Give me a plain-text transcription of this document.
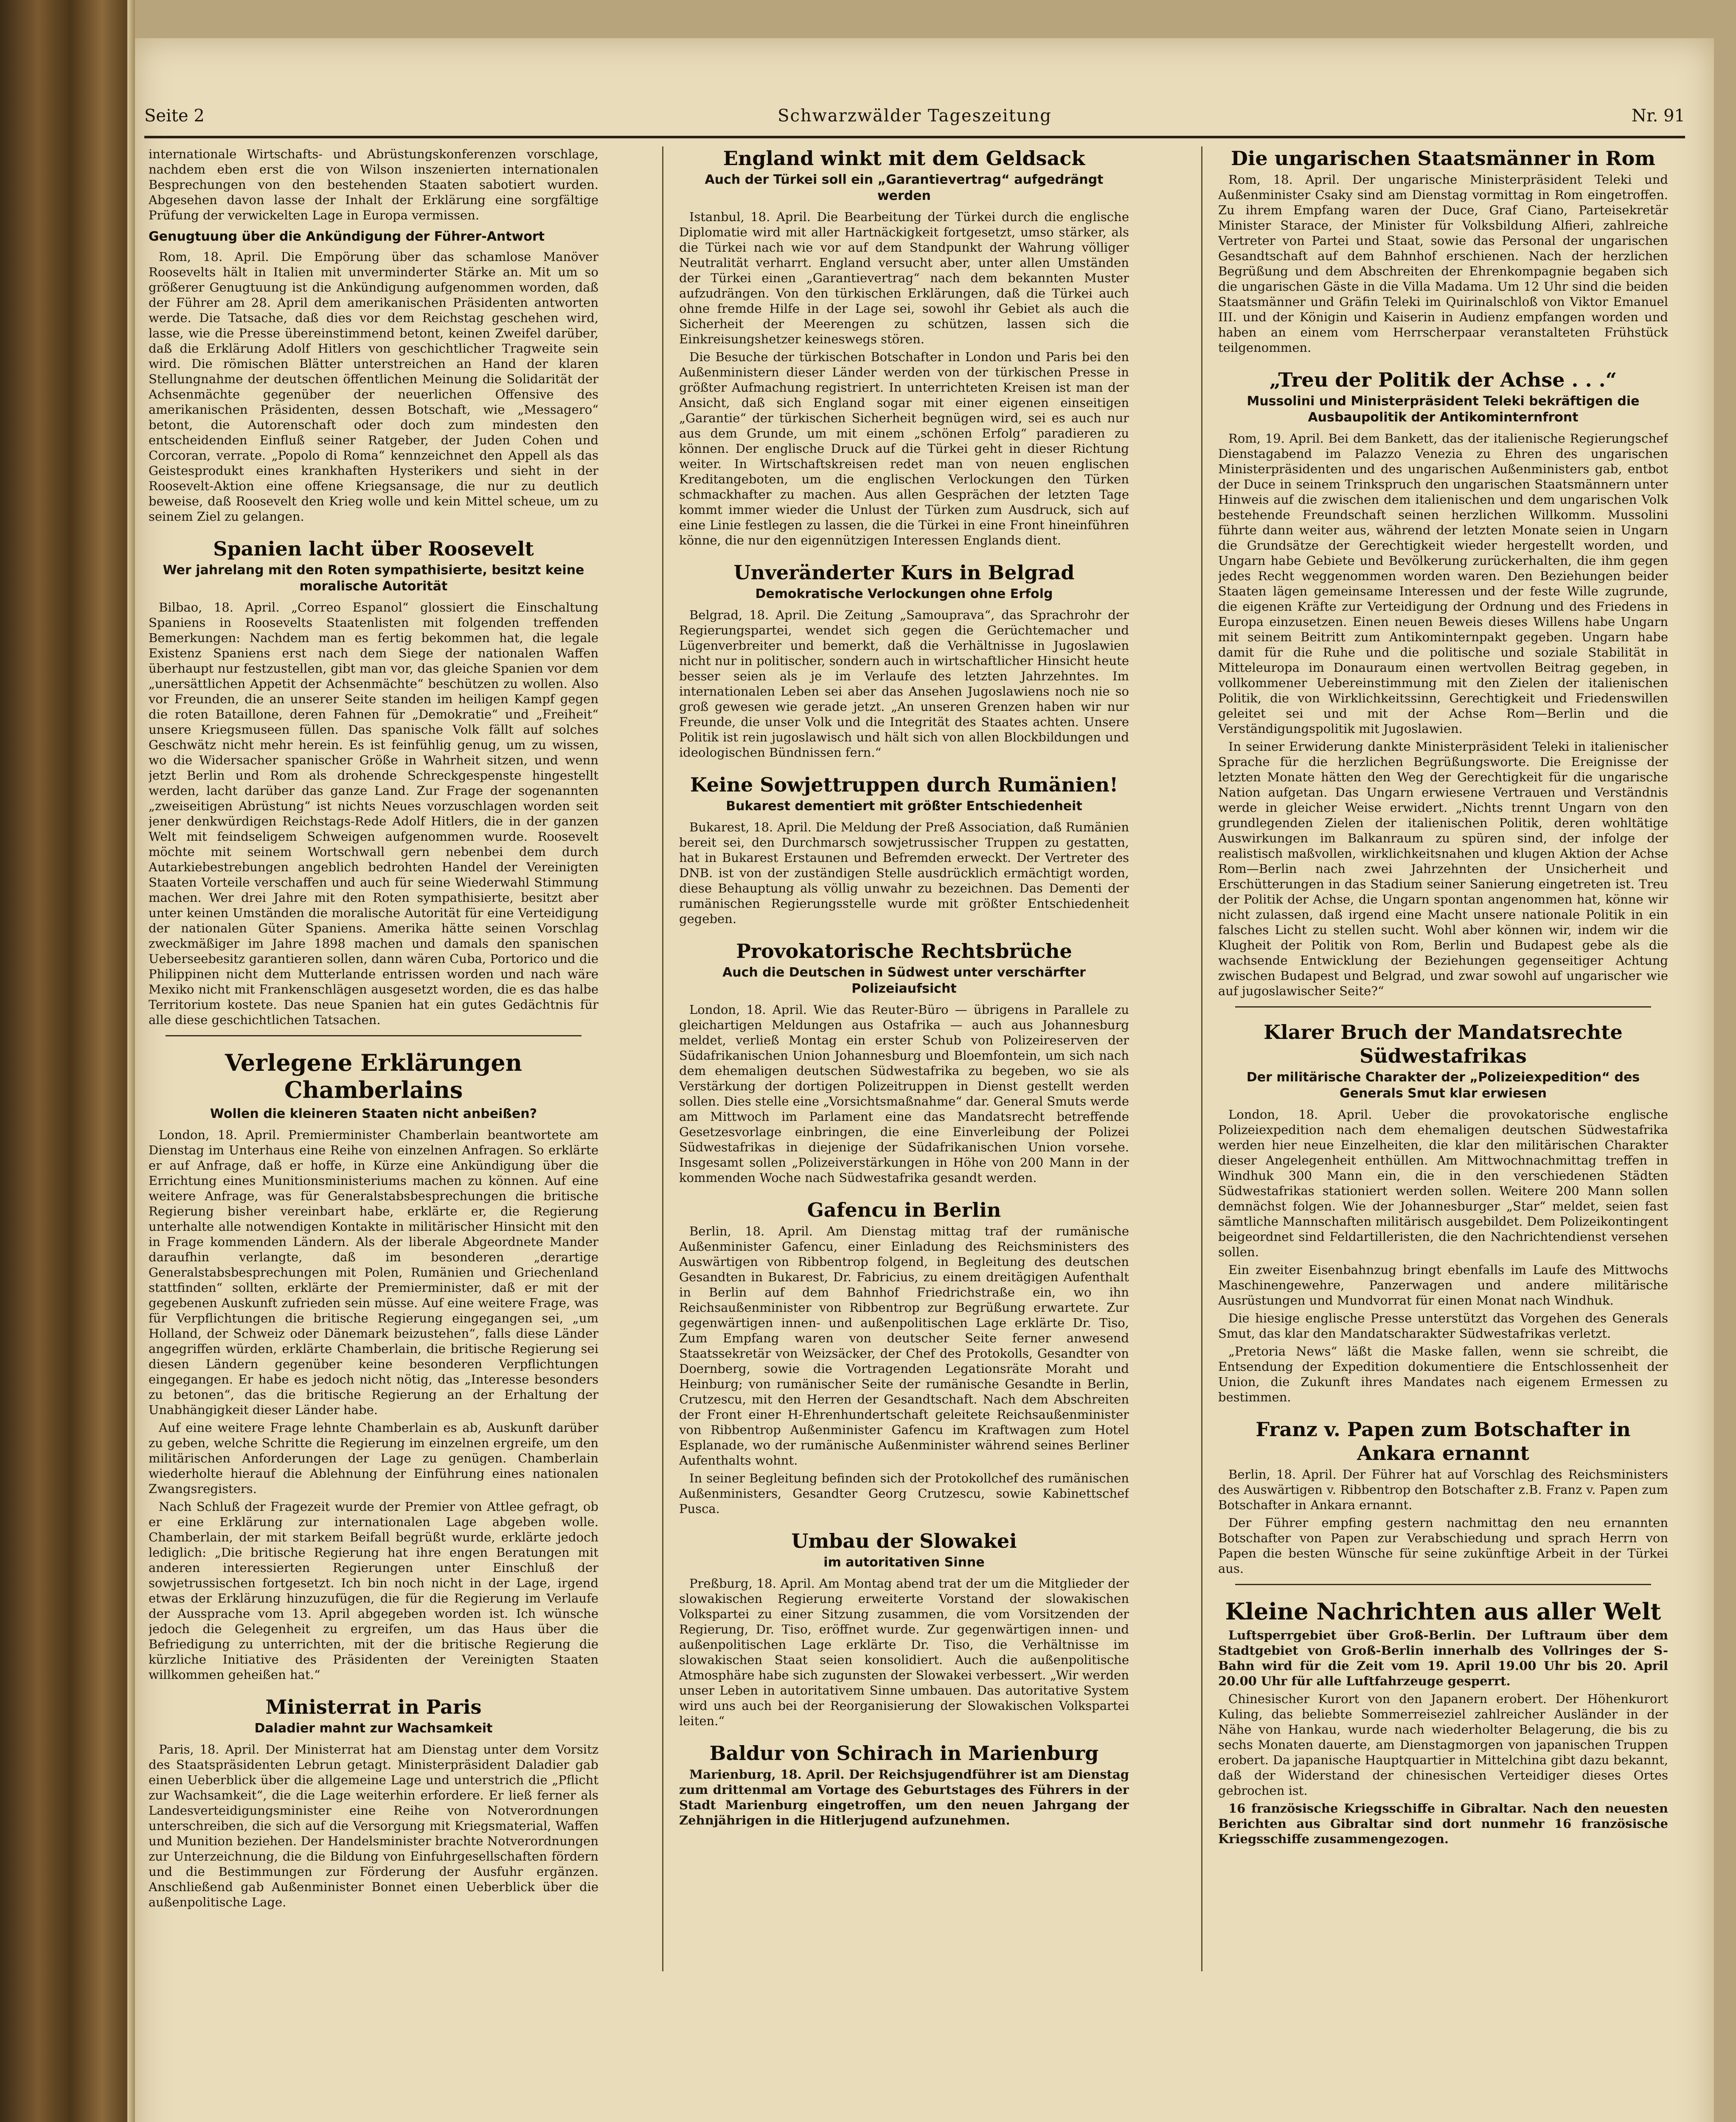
Seite 2	Schwarzwälder Tageszeitung	Nr. 91

internationale Wirtschafts- und Abrüstungskonferenzen vorschlage, nachdem eben erst die von Wilson inszenierten internationalen Besprechungen von den bestehenden Staaten sabotiert wurden. Abgesehen davon lasse der Inhalt der Erklärung eine sorgfältige Prüfung der verwickelten Lage in Europa vermissen.

Genugtuung über die Ankündigung der Führer-Antwort

Rom, 18. April. Die Empörung über das schamlose Manöver Roosevelts hält in Italien mit unverminderter Stärke an. Mit um so größerer Genugtuung ist die Ankündigung aufgenommen worden, daß der Führer am 28. April dem amerikanischen Präsidenten antworten werde. Die Tatsache, daß dies vor dem Reichstag geschehen wird, lasse, wie die Presse übereinstimmend betont, keinen Zweifel darüber, daß die Erklärung Adolf Hitlers von geschichtlicher Tragweite sein wird. Die römischen Blätter unterstreichen an Hand der klaren Stellungnahme der deutschen öffentlichen Meinung die Solidarität der Achsenmächte gegenüber der neuerlichen Offensive des amerikanischen Präsidenten, dessen Botschaft, wie „Messagero“ betont, die Autorenschaft oder doch zum mindesten den entscheidenden Einfluß seiner Ratgeber, der Juden Cohen und Corcoran, verrate. „Popolo di Roma“ kennzeichnet den Appell als das Geistesprodukt eines krankhaften Hysterikers und sieht in der Roosevelt-Aktion eine offene Kriegsansage, die nur zu deutlich beweise, daß Roosevelt den Krieg wolle und kein Mittel scheue, um zu seinem Ziel zu gelangen.

Spanien lacht über Roosevelt
Wer jahrelang mit den Roten sympathisierte, besitzt keine moralische Autorität

Bilbao, 18. April. „Correo Espanol“ glossiert die Einschaltung Spaniens in Roosevelts Staatenlisten mit folgenden treffenden Bemerkungen: Nachdem man es fertig bekommen hat, die legale Existenz Spaniens erst nach dem Siege der nationalen Waffen überhaupt nur festzustellen, gibt man vor, das gleiche Spanien vor dem „unersättlichen Appetit der Achsenmächte“ beschützen zu wollen. Also vor Freunden, die an unserer Seite standen im heiligen Kampf gegen die roten Bataillone, deren Fahnen für „Demokratie“ und „Freiheit“ unsere Kriegsmuseen füllen. Das spanische Volk fällt auf solches Geschwätz nicht mehr herein. Es ist feinfühlig genug, um zu wissen, wo die Widersacher spanischer Größe in Wahrheit sitzen, und wenn jetzt Berlin und Rom als drohende Schreckgespenste hingestellt werden, lacht darüber das ganze Land. Zur Frage der sogenannten „zweiseitigen Abrüstung“ ist nichts Neues vorzuschlagen worden seit jener denkwürdigen Reichstags-Rede Adolf Hitlers, die in der ganzen Welt mit feindseligem Schweigen aufgenommen wurde. Roosevelt möchte mit seinem Wortschwall gern nebenbei dem durch Autarkiebestrebungen angeblich bedrohten Handel der Vereinigten Staaten Vorteile verschaffen und auch für seine Wiederwahl Stimmung machen. Wer drei Jahre mit den Roten sympathisierte, besitzt aber unter keinen Umständen die moralische Autorität für eine Verteidigung der nationalen Güter Spaniens. Amerika hätte seinen Vorschlag zweckmäßiger im Jahre 1898 machen und damals den spanischen Ueberseebesitz garantieren sollen, dann wären Cuba, Portorico und die Philippinen nicht dem Mutterlande entrissen worden und nach wäre Mexiko nicht mit Frankenschlägen ausgesetzt worden, die es das halbe Territorium kostete. Das neue Spanien hat ein gutes Gedächtnis für alle diese geschichtlichen Tatsachen.

Verlegene Erklärungen Chamberlains
Wollen die kleineren Staaten nicht anbeißen?

London, 18. April. Premierminister Chamberlain beantwortete am Dienstag im Unterhaus eine Reihe von einzelnen Anfragen. So erklärte er auf Anfrage, daß er hoffe, in Kürze eine Ankündigung über die Errichtung eines Munitionsministeriums machen zu können. Auf eine weitere Anfrage, was für Generalstabsbesprechungen die britische Regierung bisher vereinbart habe, erklärte er, die Regierung unterhalte alle notwendigen Kontakte in militärischer Hinsicht mit den in Frage kommenden Ländern. Als der liberale Abgeordnete Mander daraufhin verlangte, daß im besonderen „derartige Generalstabsbesprechungen mit Polen, Rumänien und Griechenland stattfinden“ sollten, erklärte der Premierminister, daß er mit der gegebenen Auskunft zufrieden sein müsse. Auf eine weitere Frage, was für Verpflichtungen die britische Regierung eingegangen sei, „um Holland, der Schweiz oder Dänemark beizustehen“, falls diese Länder angegriffen würden, erklärte Chamberlain, die britische Regierung sei diesen Ländern gegenüber keine besonderen Verpflichtungen eingegangen. Er habe es jedoch nicht nötig, das „Interesse besonders zu betonen“, das die britische Regierung an der Erhaltung der Unabhängigkeit dieser Länder habe.

Auf eine weitere Frage lehnte Chamberlain es ab, Auskunft darüber zu geben, welche Schritte die Regierung im einzelnen ergreife, um den militärischen Anforderungen der Lage zu genügen. Chamberlain wiederholte hierauf die Ablehnung der Einführung eines nationalen Zwangsregisters.

Nach Schluß der Fragezeit wurde der Premier von Attlee gefragt, ob er eine Erklärung zur internationalen Lage abgeben wolle. Chamberlain, der mit starkem Beifall begrüßt wurde, erklärte jedoch lediglich: „Die britische Regierung hat ihre engen Beratungen mit anderen interessierten Regierungen unter Einschluß der sowjetrussischen fortgesetzt. Ich bin noch nicht in der Lage, irgend etwas der Erklärung hinzuzufügen, die für die Regierung im Verlaufe der Aussprache vom 13. April abgegeben worden ist. Ich wünsche jedoch die Gelegenheit zu ergreifen, um das Haus über die Befriedigung zu unterrichten, mit der die britische Regierung die kürzliche Initiative des Präsidenten der Vereinigten Staaten willkommen geheißen hat.“

Ministerrat in Paris
Daladier mahnt zur Wachsamkeit

Paris, 18. April. Der Ministerrat hat am Dienstag unter dem Vorsitz des Staatspräsidenten Lebrun getagt. Ministerpräsident Daladier gab einen Ueberblick über die allgemeine Lage und unterstrich die „Pflicht zur Wachsamkeit“, die die Lage weiterhin erfordere. Er ließ ferner als Landesverteidigungsminister eine Reihe von Notverordnungen unterschreiben, die sich auf die Versorgung mit Kriegsmaterial, Waffen und Munition beziehen. Der Handelsminister brachte Notverordnungen zur Unterzeichnung, die die Bildung von Einfuhrgesellschaften fördern und die Bestimmungen zur Förderung der Ausfuhr ergänzen. Anschließend gab Außenminister Bonnet einen Ueberblick über die außenpolitische Lage.

England winkt mit dem Geldsack
Auch der Türkei soll ein „Garantievertrag“ aufgedrängt werden

Istanbul, 18. April. Die Bearbeitung der Türkei durch die englische Diplomatie wird mit aller Hartnäckigkeit fortgesetzt, umso stärker, als die Türkei nach wie vor auf dem Standpunkt der Wahrung völliger Neutralität verharrt. England versucht aber, unter allen Umständen der Türkei einen „Garantievertrag“ nach dem bekannten Muster aufzudrängen. Von den türkischen Erklärungen, daß die Türkei auch ohne fremde Hilfe in der Lage sei, sowohl ihr Gebiet als auch die Sicherheit der Meerengen zu schützen, lassen sich die Einkreisungshetzer keineswegs stören.

Die Besuche der türkischen Botschafter in London und Paris bei den Außenministern dieser Länder werden von der türkischen Presse in größter Aufmachung registriert. In unterrichteten Kreisen ist man der Ansicht, daß sich England sogar mit einer eigenen einseitigen „Garantie“ der türkischen Sicherheit begnügen wird, sei es auch nur aus dem Grunde, um mit einem „schönen Erfolg“ paradieren zu können. Der englische Druck auf die Türkei geht in dieser Richtung weiter. In Wirtschaftskreisen redet man von neuen englischen Kreditangeboten, um die englischen Verlockungen den Türken schmackhafter zu machen. Aus allen Gesprächen der letzten Tage kommt immer wieder die Unlust der Türken zum Ausdruck, sich auf eine Linie festlegen zu lassen, die die Türkei in eine Front hineinführen könne, die nur den eigennützigen Interessen Englands dient.

Unveränderter Kurs in Belgrad
Demokratische Verlockungen ohne Erfolg

Belgrad, 18. April. Die Zeitung „Samouprava“, das Sprachrohr der Regierungspartei, wendet sich gegen die Gerüchtemacher und Lügenverbreiter und bemerkt, daß die Verhältnisse in Jugoslawien nicht nur in politischer, sondern auch in wirtschaftlicher Hinsicht heute besser seien als je im Verlaufe des letzten Jahrzehntes. Im internationalen Leben sei aber das Ansehen Jugoslawiens noch nie so groß gewesen wie gerade jetzt. „An unseren Grenzen haben wir nur Freunde, die unser Volk und die Integrität des Staates achten. Unsere Politik ist rein jugoslawisch und hält sich von allen Blockbildungen und ideologischen Bündnissen fern.“

Keine Sowjettruppen durch Rumänien!
Bukarest dementiert mit größter Entschiedenheit

Bukarest, 18. April. Die Meldung der Preß Association, daß Rumänien bereit sei, den Durchmarsch sowjetrussischer Truppen zu gestatten, hat in Bukarest Erstaunen und Befremden erweckt. Der Vertreter des DNB. ist von der zuständigen Stelle ausdrücklich ermächtigt worden, diese Behauptung als völlig unwahr zu bezeichnen. Das Dementi der rumänischen Regierungsstelle wurde mit größter Entschiedenheit gegeben.

Provokatorische Rechtsbrüche
Auch die Deutschen in Südwest unter verschärfter Polizeiaufsicht

London, 18. April. Wie das Reuter-Büro — übrigens in Parallele zu gleichartigen Meldungen aus Ostafrika — auch aus Johannesburg meldet, verließ Montag ein erster Schub von Polizeireserven der Südafrikanischen Union Johannesburg und Bloemfontein, um sich nach dem ehemaligen deutschen Südwestafrika zu begeben, wo sie als Verstärkung der dortigen Polizeitruppen in Dienst gestellt werden sollen. Dies stelle eine „Vorsichtsmaßnahme“ dar. General Smuts werde am Mittwoch im Parlament eine das Mandatsrecht betreffende Gesetzesvorlage einbringen, die eine Einverleibung der Polizei Südwestafrikas in diejenige der Südafrikanischen Union vorsehe. Insgesamt sollen „Polizeiverstärkungen in Höhe von 200 Mann in der kommenden Woche nach Südwestafrika gesandt werden.

Gafencu in Berlin

Berlin, 18. April. Am Dienstag mittag traf der rumänische Außenminister Gafencu, einer Einladung des Reichsministers des Auswärtigen von Ribbentrop folgend, in Begleitung des deutschen Gesandten in Bukarest, Dr. Fabricius, zu einem dreitägigen Aufenthalt in Berlin auf dem Bahnhof Friedrichstraße ein, wo ihn Reichsaußenminister von Ribbentrop zur Begrüßung erwartete. Zur gegenwärtigen innen- und außenpolitischen Lage erklärte Dr. Tiso, Zum Empfang waren von deutscher Seite ferner anwesend Staatssekretär von Weizsäcker, der Chef des Protokolls, Gesandter von Doernberg, sowie die Vortragenden Legationsräte Moraht und Heinburg; von rumänischer Seite der rumänische Gesandte in Berlin, Crutzescu, mit den Herren der Gesandtschaft. Nach dem Abschreiten der Front einer H-Ehrenhundertschaft geleitete Reichsaußenminister von Ribbentrop Außenminister Gafencu im Kraftwagen zum Hotel Esplanade, wo der rumänische Außenminister während seines Berliner Aufenthalts wohnt.

In seiner Begleitung befinden sich der Protokollchef des rumänischen Außenministers, Gesandter Georg Crutzescu, sowie Kabinettschef Pusca.

Umbau der Slowakei
im autoritativen Sinne

Preßburg, 18. April. Am Montag abend trat der um die Mitglieder der slowakischen Regierung erweiterte Vorstand der slowakischen Volkspartei zu einer Sitzung zusammen, die vom Vorsitzenden der Regierung, Dr. Tiso, eröffnet wurde. Zur gegenwärtigen innen- und außenpolitischen Lage erklärte Dr. Tiso, die Verhältnisse im slowakischen Staat seien konsolidiert. Auch die außenpolitische Atmosphäre habe sich zugunsten der Slowakei verbessert. „Wir werden unser Leben in autoritativem Sinne umbauen. Das autoritative System wird uns auch bei der Reorganisierung der Slowakischen Volkspartei leiten.“

Baldur von Schirach in Marienburg

Marienburg, 18. April. Der Reichsjugendführer ist am Dienstag zum drittenmal am Vortage des Geburtstages des Führers in der Stadt Marienburg eingetroffen, um den neuen Jahrgang der Zehnjährigen in die Hitlerjugend aufzunehmen.

Die ungarischen Staatsmänner in Rom

Rom, 18. April. Der ungarische Ministerpräsident Teleki und Außenminister Csaky sind am Dienstag vormittag in Rom eingetroffen. Zu ihrem Empfang waren der Duce, Graf Ciano, Parteisekretär Minister Starace, der Minister für Volksbildung Alfieri, zahlreiche Vertreter von Partei und Staat, sowie das Personal der ungarischen Gesandtschaft auf dem Bahnhof erschienen. Nach der herzlichen Begrüßung und dem Abschreiten der Ehrenkompagnie begaben sich die ungarischen Gäste in die Villa Madama. Um 12 Uhr sind die beiden Staatsmänner und Gräfin Teleki im Quirinalschloß von Viktor Emanuel III. und der Königin und Kaiserin in Audienz empfangen worden und haben an einem vom Herrscherpaar veranstalteten Frühstück teilgenommen.

„Treu der Politik der Achse . . .“
Mussolini und Ministerpräsident Teleki bekräftigen die Ausbaupolitik der Antikominternfront

Rom, 19. April. Bei dem Bankett, das der italienische Regierungschef Dienstagabend im Palazzo Venezia zu Ehren des ungarischen Ministerpräsidenten und des ungarischen Außenministers gab, entbot der Duce in seinem Trinkspruch den ungarischen Staatsmännern unter Hinweis auf die zwischen dem italienischen und dem ungarischen Volk bestehende Freundschaft seinen herzlichen Willkomm. Mussolini führte dann weiter aus, während der letzten Monate seien in Ungarn die Grundsätze der Gerechtigkeit wieder hergestellt worden, und Ungarn habe Gebiete und Bevölkerung zurückerhalten, die ihm gegen jedes Recht weggenommen worden waren. Den Beziehungen beider Staaten lägen gemeinsame Interessen und der feste Wille zugrunde, die eigenen Kräfte zur Verteidigung der Ordnung und des Friedens in Europa einzusetzen. Einen neuen Beweis dieses Willens habe Ungarn mit seinem Beitritt zum Antikominternpakt gegeben. Ungarn habe damit für die Ruhe und die politische und soziale Stabilität in Mitteleuropa im Donauraum einen wertvollen Beitrag gegeben, in vollkommener Uebereinstimmung mit den Zielen der italienischen Politik, die von Wirklichkeitssinn, Gerechtigkeit und Friedenswillen geleitet sei und mit der Achse Rom—Berlin und die Verständigungspolitik mit Jugoslawien.

In seiner Erwiderung dankte Ministerpräsident Teleki in italienischer Sprache für die herzlichen Begrüßungsworte. Die Ereignisse der letzten Monate hätten den Weg der Gerechtigkeit für die ungarische Nation aufgetan. Das Ungarn erwiesene Vertrauen und Verständnis werde in gleicher Weise erwidert. „Nichts trennt Ungarn von den grundlegenden Zielen der italienischen Politik, deren wohltätige Auswirkungen im Balkanraum zu spüren sind, der infolge der realistisch maßvollen, wirklichkeitsnahen und klugen Aktion der Achse Rom—Berlin nach zwei Jahrzehnten der Unsicherheit und Erschütterungen in das Stadium seiner Sanierung eingetreten ist. Treu der Politik der Achse, die Ungarn spontan angenommen hat, könne wir nicht zulassen, daß irgend eine Macht unsere nationale Politik in ein falsches Licht zu stellen sucht. Wohl aber können wir, indem wir die Klugheit der Politik von Rom, Berlin und Budapest gebe als die wachsende Entwicklung der Beziehungen gegenseitiger Achtung zwischen Budapest und Belgrad, und zwar sowohl auf ungarischer wie auf jugoslawischer Seite?“

Klarer Bruch der Mandatsrechte Südwestafrikas
Der militärische Charakter der „Polizeiexpedition“ des Generals Smut klar erwiesen

London, 18. April. Ueber die provokatorische englische Polizeiexpedition nach dem ehemaligen deutschen Südwestafrika werden hier neue Einzelheiten, die klar den militärischen Charakter dieser Angelegenheit enthüllen. Am Mittwochnachmittag treffen in Windhuk 300 Mann ein, die in den verschiedenen Städten Südwestafrikas stationiert werden sollen. Weitere 200 Mann sollen demnächst folgen. Wie der Johannesburger „Star“ meldet, seien fast sämtliche Mannschaften militärisch ausgebildet. Dem Polizeikontingent beigeordnet sind Feldartilleristen, die den Nachrichtendienst versehen sollen.

Ein zweiter Eisenbahnzug bringt ebenfalls im Laufe des Mittwochs Maschinengewehre, Panzerwagen und andere militärische Ausrüstungen und Mundvorrat für einen Monat nach Windhuk.

Die hiesige englische Presse unterstützt das Vorgehen des Generals Smut, das klar den Mandatscharakter Südwestafrikas verletzt.

„Pretoria News“ läßt die Maske fallen, wenn sie schreibt, die Entsendung der Expedition dokumentiere die Entschlossenheit der Union, die Zukunft ihres Mandates nach eigenem Ermessen zu bestimmen.

Franz v. Papen zum Botschafter in Ankara ernannt

Berlin, 18. April. Der Führer hat auf Vorschlag des Reichsministers des Auswärtigen v. Ribbentrop den Botschafter z.B. Franz v. Papen zum Botschafter in Ankara ernannt.

Der Führer empfing gestern nachmittag den neu ernannten Botschafter von Papen zur Verabschiedung und sprach Herrn von Papen die besten Wünsche für seine zukünftige Arbeit in der Türkei aus.

Kleine Nachrichten aus aller Welt

Luftsperrgebiet über Groß-Berlin. Der Luftraum über dem Stadtgebiet von Groß-Berlin innerhalb des Vollringes der S-Bahn wird für die Zeit vom 19. April 19.00 Uhr bis 20. April 20.00 Uhr für alle Luftfahrzeuge gesperrt.

Chinesischer Kurort von den Japanern erobert. Der Höhenkurort Kuling, das beliebte Sommerreiseziel zahlreicher Ausländer in der Nähe von Hankau, wurde nach wiederholter Belagerung, die bis zu sechs Monaten dauerte, am Dienstagmorgen von japanischen Truppen erobert. Da japanische Hauptquartier in Mittelchina gibt dazu bekannt, daß der Widerstand der chinesischen Verteidiger dieses Ortes gebrochen ist.

16 französische Kriegsschiffe in Gibraltar. Nach den neuesten Berichten aus Gibraltar sind dort nunmehr 16 französische Kriegsschiffe zusammengezogen.
